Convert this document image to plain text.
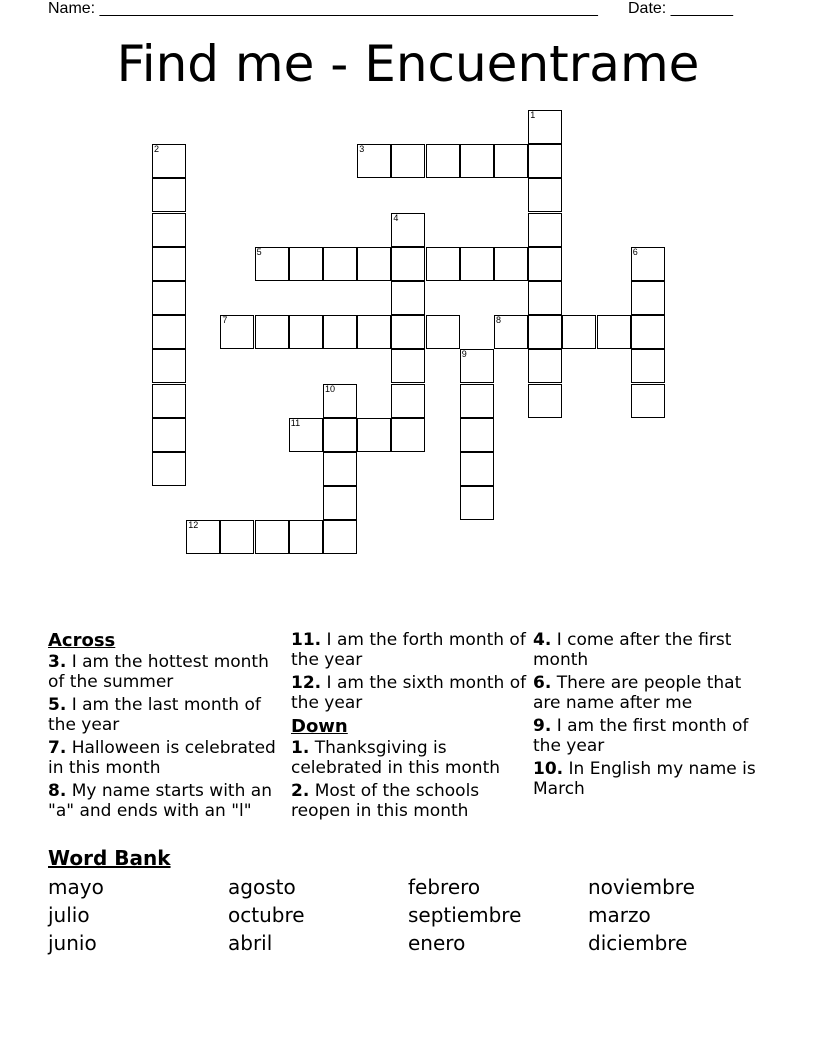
Name: ________________________________________________________ Date: _______
Find me - Encuentrame
1
2	3
4
5	6
7	8
9
10
11
12
Across
3. I am the hottest month of the summer
5. I am the last month of the year
7. Halloween is celebrated in this month
8. My name starts with an "a" and ends with an "l"
11. I am the forth month of the year
12. I am the sixth month of the year
Down
1. Thanksgiving is celebrated in this month
2. Most of the schools reopen in this month
4. I come after the first month
6. There are people that are name after me
9. I am the first month of the year
10. In English my name is March
Word Bank
mayo	agosto	febrero	noviembre
julio	octubre	septiembre	marzo
junio	abril	enero	diciembre
